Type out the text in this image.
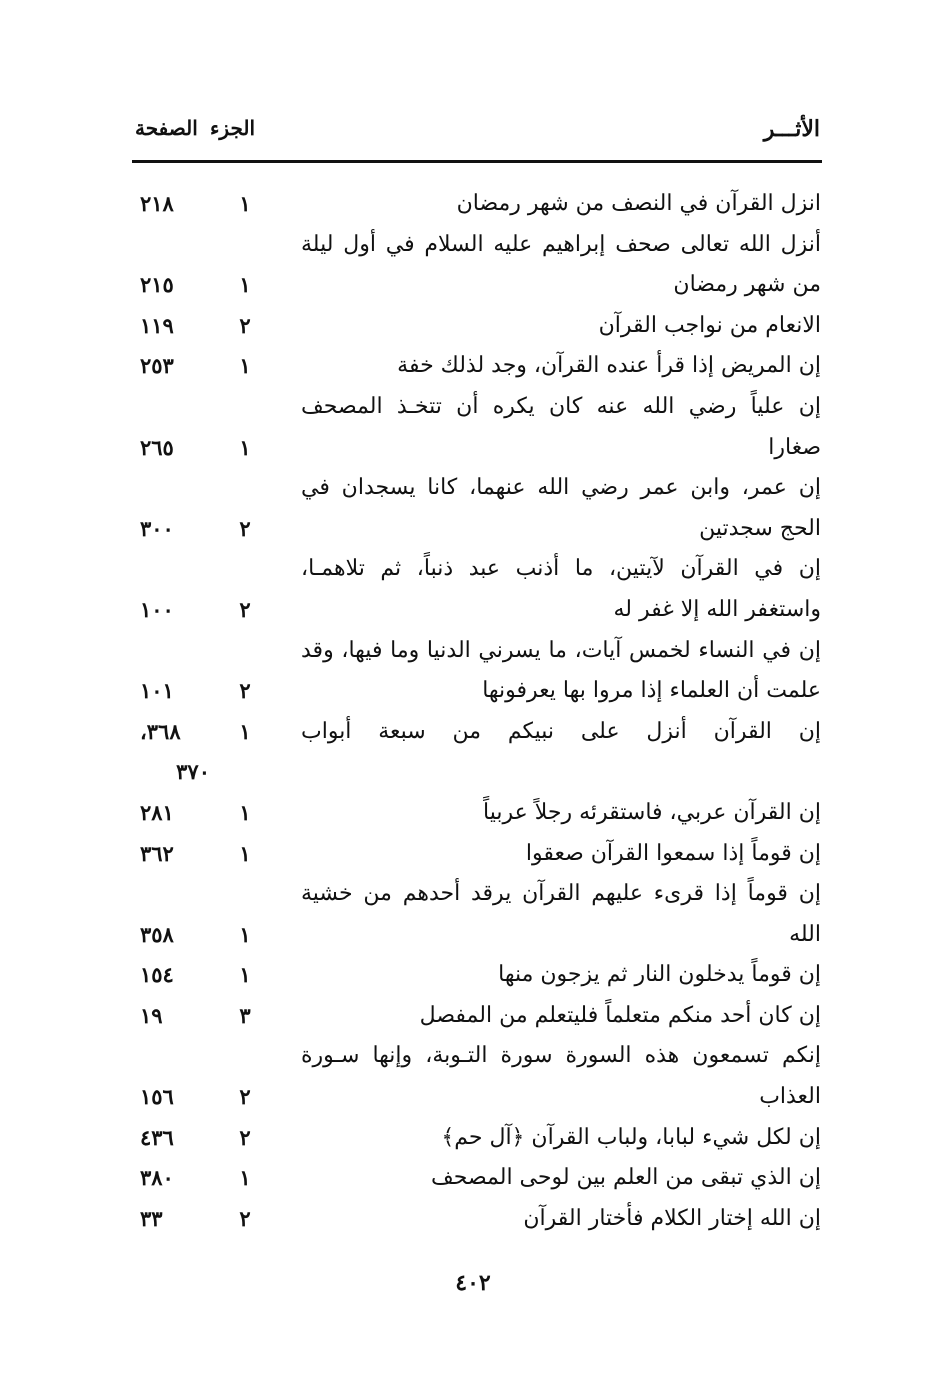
الأثـــر
الجزء
الصفحة
انزل القرآن في النصف من شهر رمضان
١
٢١٨
أنزل الله تعالى صحف إبراهيم عليه السلام في أول ليلة
من شهر رمضان
١
٢١٥
الانعام من نواجب القرآن
٢
١١٩
إن المريض إذا قرأ عنده القرآن، وجد لذلك خفة
١
٢٥٣
إن علياً رضي الله عنه كان يكره أن تتخـذ المصحف
صغارا
١
٢٦٥
إن عمر، وابن عمر رضي الله عنهما، كانا يسجدان في
الحج سجدتين
٢
٣٠٠
إن في القرآن لآيتين، ما أذنب عبد ذنباً، ثم تلاهمـا،
واستغفر الله إلا غفر له
٢
١٠٠
إن في النساء لخمس آيات، ما يسرني الدنيا وما فيها، وقد
علمت أن العلماء إذا مروا بها يعرفونها
٢
١٠١
إن القرآن أنزل على نبيكم من سبعة أبواب
١
٣٦٨،
٣٧٠
إن القرآن عربي، فاستقرئه رجلاً عربياً
١
٢٨١
إن قوماً إذا سمعوا القرآن صعقوا
١
٣٦٢
إن قوماً إذا قرىء عليهم القرآن يرقد أحدهم من خشية
الله
١
٣٥٨
إن قوماً يدخلون النار ثم يزجون منها
١
١٥٤
إن كان أحد منكم متعلماً فليتعلم من المفصل
٣
١٩
إنكم تسمعون هذه السورة سورة التـوبة، وإنها سـورة
العذاب
٢
١٥٦
إن لكل شيء لبابا، ولباب القرآن ﴿آل حم﴾
٢
٤٣٦
إن الذي تبقى من العلم بين لوحى المصحف
١
٣٨٠
إن الله إختار الكلام فأختار القرآن
٢
٣٣
٤٠٢
